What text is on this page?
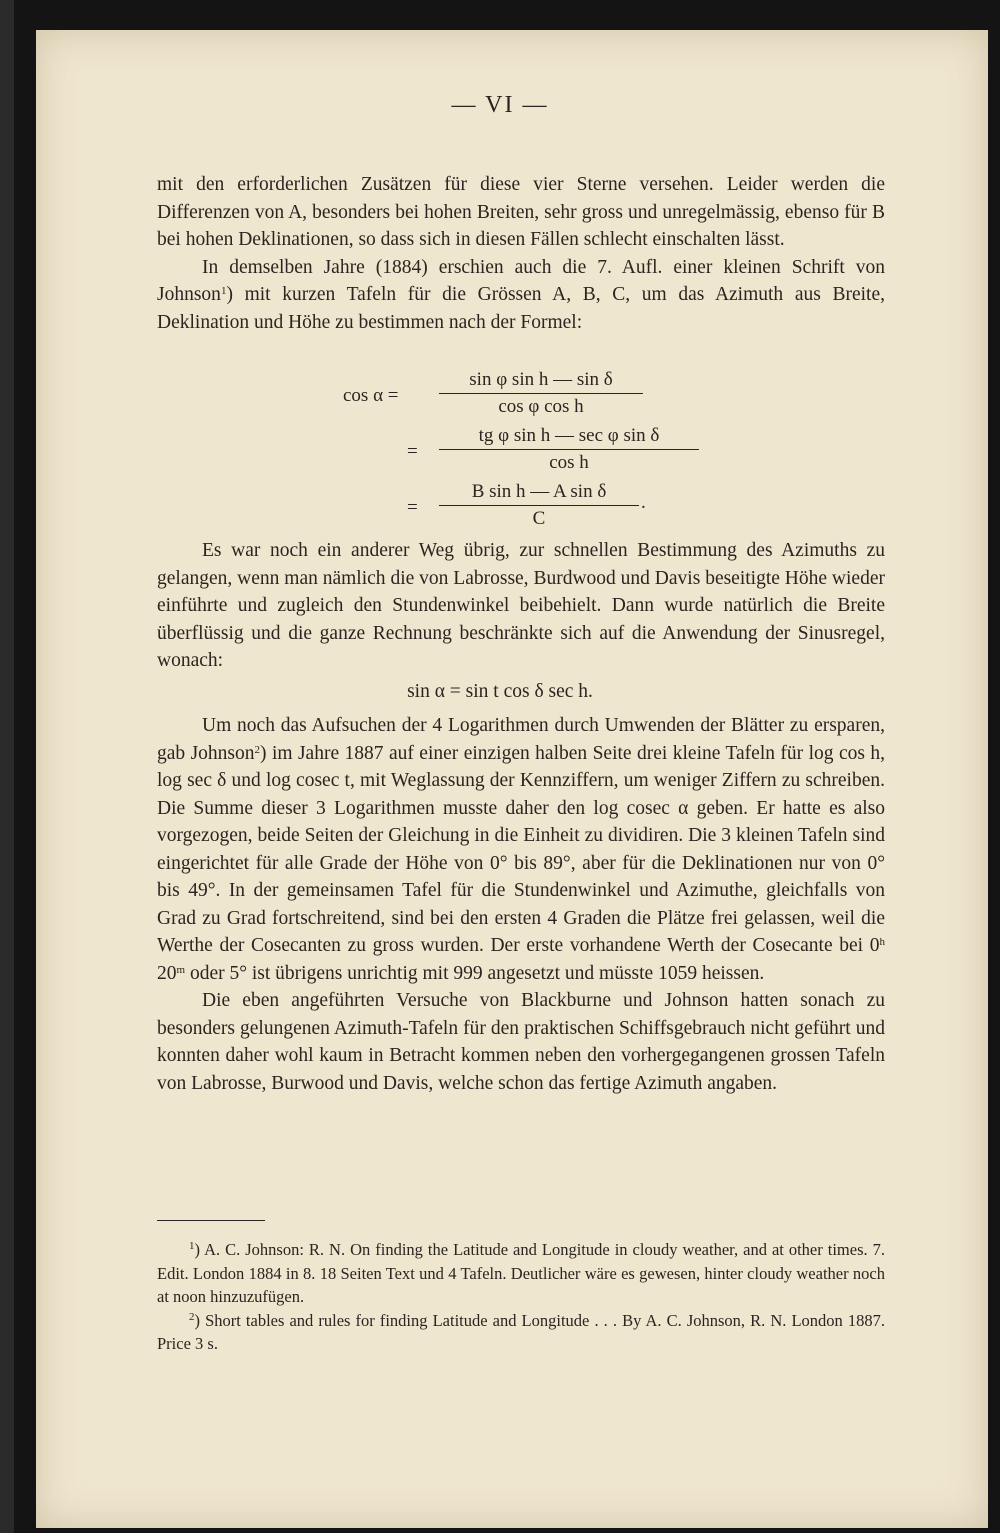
— VI —

mit den erforderlichen Zusätzen für diese vier Sterne versehen. Leider werden die Differenzen von A, besonders bei hohen Breiten, sehr gross und unregelmässig, ebenso für B bei hohen Deklinationen, so dass sich in diesen Fällen schlecht einschalten lässt.

In demselben Jahre (1884) erschien auch die 7. Aufl. einer kleinen Schrift von Johnson$^1$) mit kurzen Tafeln für die Grössen A, B, C, um das Azimuth aus Breite, Deklination und Höhe zu bestimmen nach der Formel:

cos α =
sin φ sin h — sin δ
cos φ cos h
=
tg φ sin h — sec φ sin δ
cos h
=
B sin h — A sin δ
C
.

Es war noch ein anderer Weg übrig, zur schnellen Bestimmung des Azimuths zu gelangen, wenn man nämlich die von Labrosse, Burdwood und Davis beseitigte Höhe wieder einführte und zugleich den Stundenwinkel beibehielt. Dann wurde natürlich die Breite überflüssig und die ganze Rechnung beschränkte sich auf die Anwendung der Sinusregel, wonach:

sin α = sin t cos δ sec h.

Um noch das Aufsuchen der 4 Logarithmen durch Umwenden der Blätter zu ersparen, gab Johnson$^2$) im Jahre 1887 auf einer einzigen halben Seite drei kleine Tafeln für log cos h, log sec δ und log cosec t, mit Weglassung der Kennziffern, um weniger Ziffern zu schreiben. Die Summe dieser 3 Logarithmen musste daher den log cosec α geben. Er hatte es also vorgezogen, beide Seiten der Gleichung in die Einheit zu dividiren. Die 3 kleinen Tafeln sind eingerichtet für alle Grade der Höhe von 0° bis 89°, aber für die Deklinationen nur von 0° bis 49°. In der gemeinsamen Tafel für die Stundenwinkel und Azimuthe, gleichfalls von Grad zu Grad fortschreitend, sind bei den ersten 4 Graden die Plätze frei gelassen, weil die Werthe der Cosecanten zu gross wurden. Der erste vorhandene Werth der Cosecante bei 0$^h$ 20$^m$ oder 5° ist übrigens unrichtig mit 999 angesetzt und müsste 1059 heissen.

Die eben angeführten Versuche von Blackburne und Johnson hatten sonach zu besonders gelungenen Azimuth-Tafeln für den praktischen Schiffsgebrauch nicht geführt und konnten daher wohl kaum in Betracht kommen neben den vorhergegangenen grossen Tafeln von Labrosse, Burwood und Davis, welche schon das fertige Azimuth angaben.

$^1$) A. C. Johnson: R. N. On finding the Latitude and Longitude in cloudy weather, and at other times. 7. Edit. London 1884 in 8. 18 Seiten Text und 4 Tafeln. Deutlicher wäre es gewesen, hinter cloudy weather noch at noon hinzuzufügen.

$^2$) Short tables and rules for finding Latitude and Longitude . . . By A. C. Johnson, R. N. London 1887. Price 3 s.
